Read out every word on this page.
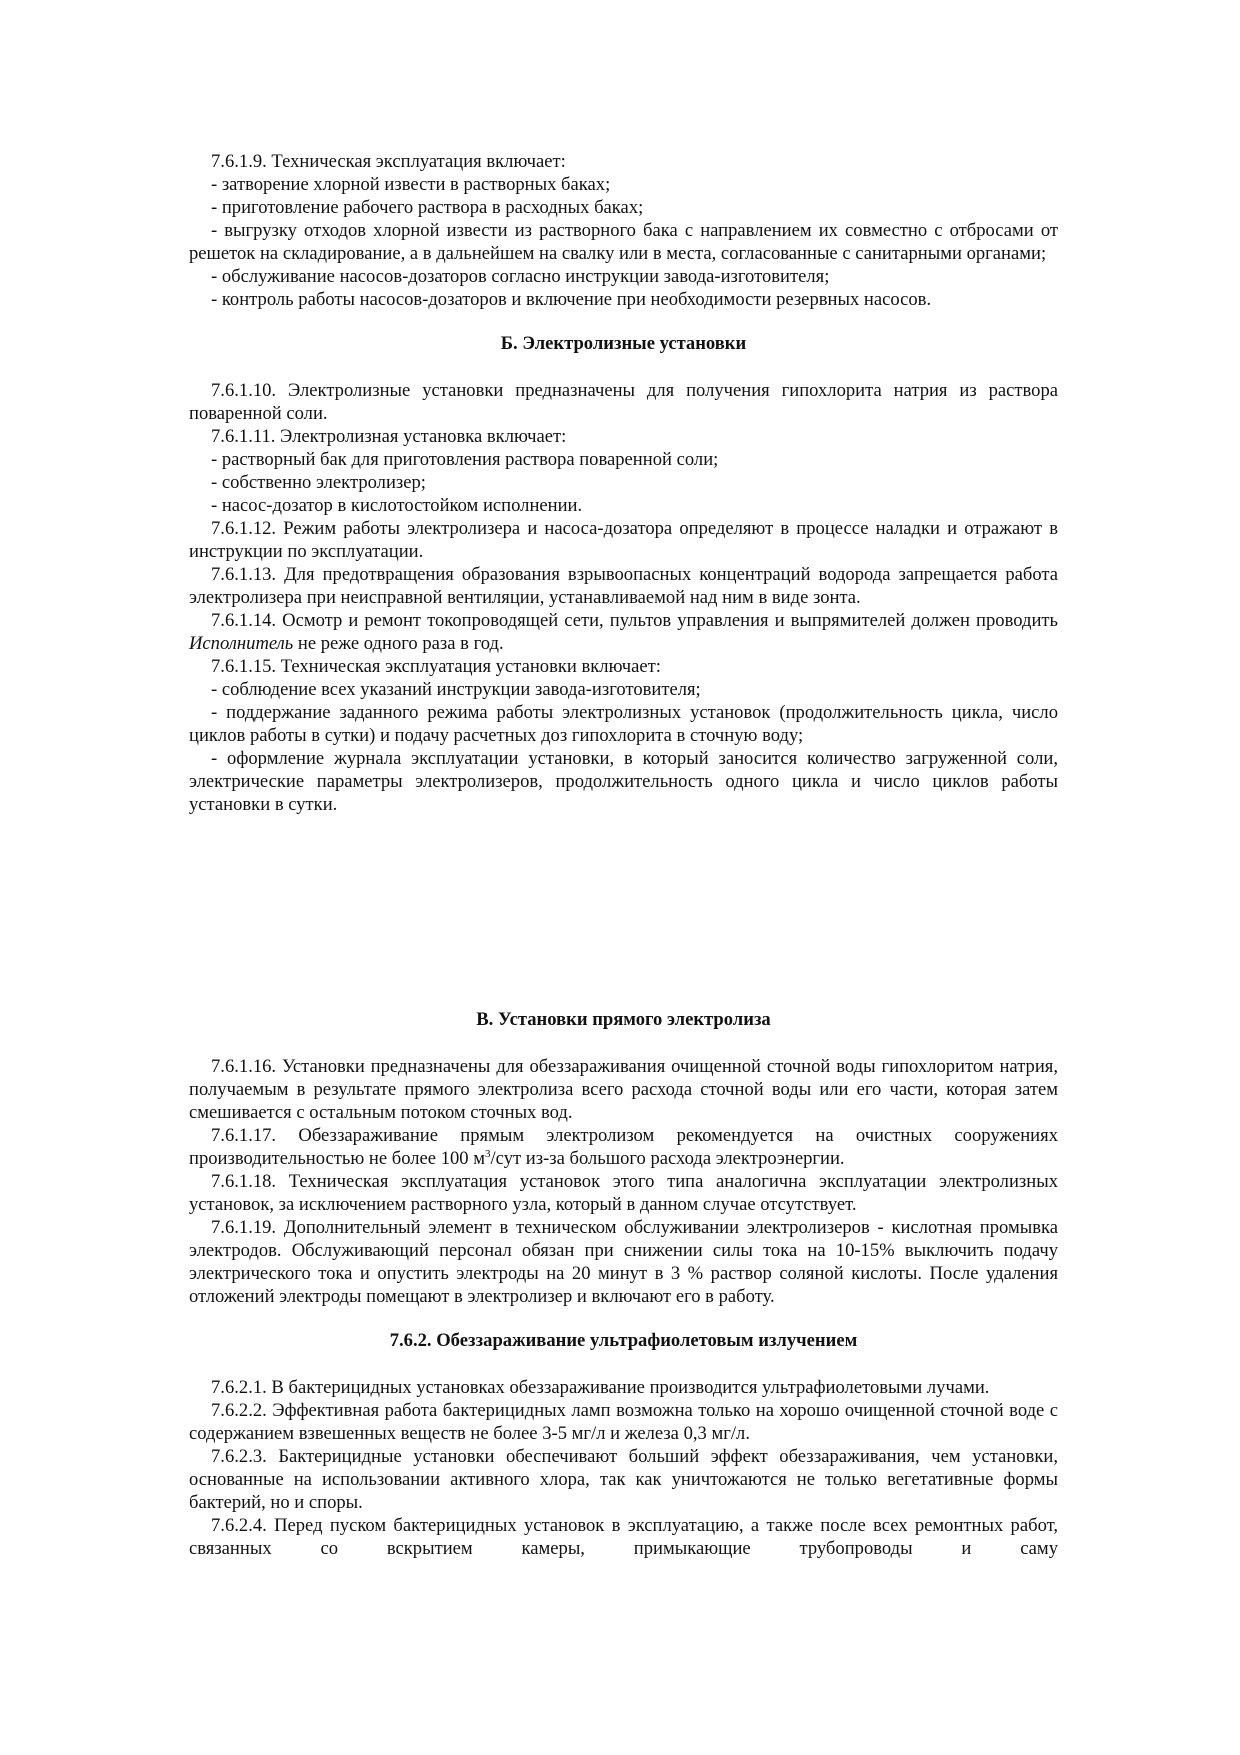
7.6.1.9. Техническая эксплуатация включает:

- затворение хлорной извести в растворных баках;

- приготовление рабочего раствора в расходных баках;

- выгрузку отходов хлорной извести из растворного бака с направлением их совместно с отбросами от решеток на складирование, а в дальнейшем на свалку или в места, согласованные с санитарными органами;

- обслуживание насосов-дозаторов согласно инструкции завода-изготовителя;

- контроль работы насосов-дозаторов и включение при необходимости резервных насосов.

Б. Электролизные установки

7.6.1.10. Электролизные установки предназначены для получения гипохлорита натрия из раствора поваренной соли.

7.6.1.11. Электролизная установка включает:

- растворный бак для приготовления раствора поваренной соли;

- собственно электролизер;

- насос-дозатор в кислотостойком исполнении.

7.6.1.12. Режим работы электролизера и насоса-дозатора определяют в процессе наладки и отражают в инструкции по эксплуатации.

7.6.1.13. Для предотвращения образования взрывоопасных концентраций водорода запрещается работа электролизера при неисправной вентиляции, устанавливаемой над ним в виде зонта.

7.6.1.14. Осмотр и ремонт токопроводящей сети, пультов управления и выпрямителей должен проводить Исполнитель не реже одного раза в год.

7.6.1.15. Техническая эксплуатация установки включает:

- соблюдение всех указаний инструкции завода-изготовителя;

- поддержание заданного режима работы электролизных установок (продолжительность цикла, число циклов работы в сутки) и подачу расчетных доз гипохлорита в сточную воду;

- оформление журнала эксплуатации установки, в который заносится количество загруженной соли, электрические параметры электролизеров, продолжительность одного цикла и число циклов работы установки в сутки.

В. Установки прямого электролиза

7.6.1.16. Установки предназначены для обеззараживания очищенной сточной воды гипохлоритом натрия, получаемым в результате прямого электролиза всего расхода сточной воды или его части, которая затем смешивается с остальным потоком сточных вод.

7.6.1.17. Обеззараживание прямым электролизом рекомендуется на очистных сооружениях производительностью не более 100 $м^3$/сут из-за большого расхода электроэнергии.

7.6.1.18. Техническая эксплуатация установок этого типа аналогична эксплуатации электролизных установок, за исключением растворного узла, который в данном случае отсутствует.

7.6.1.19. Дополнительный элемент в техническом обслуживании электролизеров - кислотная промывка электродов. Обслуживающий персонал обязан при снижении силы тока на 10-15% выключить подачу электрического тока и опустить электроды на 20 минут в 3 % раствор соляной кислоты. После удаления отложений электроды помещают в электролизер и включают его в работу.

7.6.2. Обеззараживание ультрафиолетовым излучением

7.6.2.1. В бактерицидных установках обеззараживание производится ультрафиолетовыми лучами.

7.6.2.2. Эффективная работа бактерицидных ламп возможна только на хорошо очищенной сточной воде с содержанием взвешенных веществ не более 3-5 мг/л и железа 0,3 мг/л.

7.6.2.3. Бактерицидные установки обеспечивают больший эффект обеззараживания, чем установки, основанные на использовании активного хлора, так как уничтожаются не только вегетативные формы бактерий, но и споры.

7.6.2.4. Перед пуском бактерицидных установок в эксплуатацию, а также после всех ремонтных работ, связанных со вскрытием камеры, примыкающие трубопроводы и саму
